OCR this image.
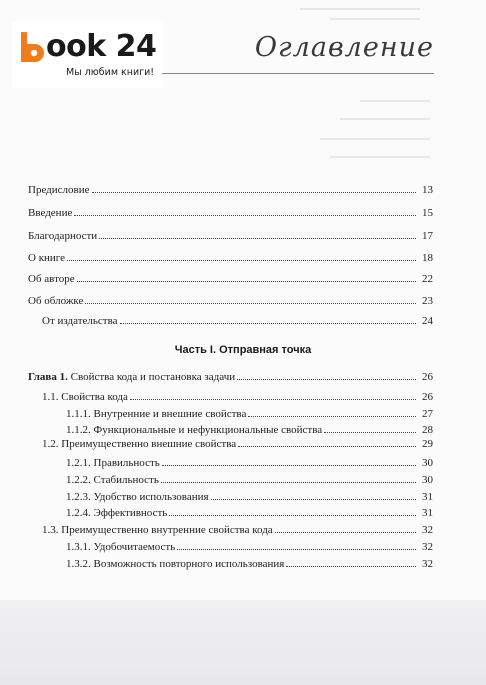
ook 24
Мы любим книги!
Оглавление
Предисловие	13
Введение	15
Благодарности	17
О книге	18
Об авторе	22
Об обложке	23
От издательства	24
Часть I. Отправная точка
Глава 1. Свойства кода и постановка задачи	26
1.1. Свойства кода	26
1.1.1. Внутренние и внешние свойства	27
1.1.2. Функциональные и нефункциональные свойства	28
1.2. Преимущественно внешние свойства	29
1.2.1. Правильность	30
1.2.2. Стабильность	30
1.2.3. Удобство использования	31
1.2.4. Эффективность	31
1.3. Преимущественно внутренние свойства кода	32
1.3.1. Удобочитаемость	32
1.3.2. Возможность повторного использования	32
